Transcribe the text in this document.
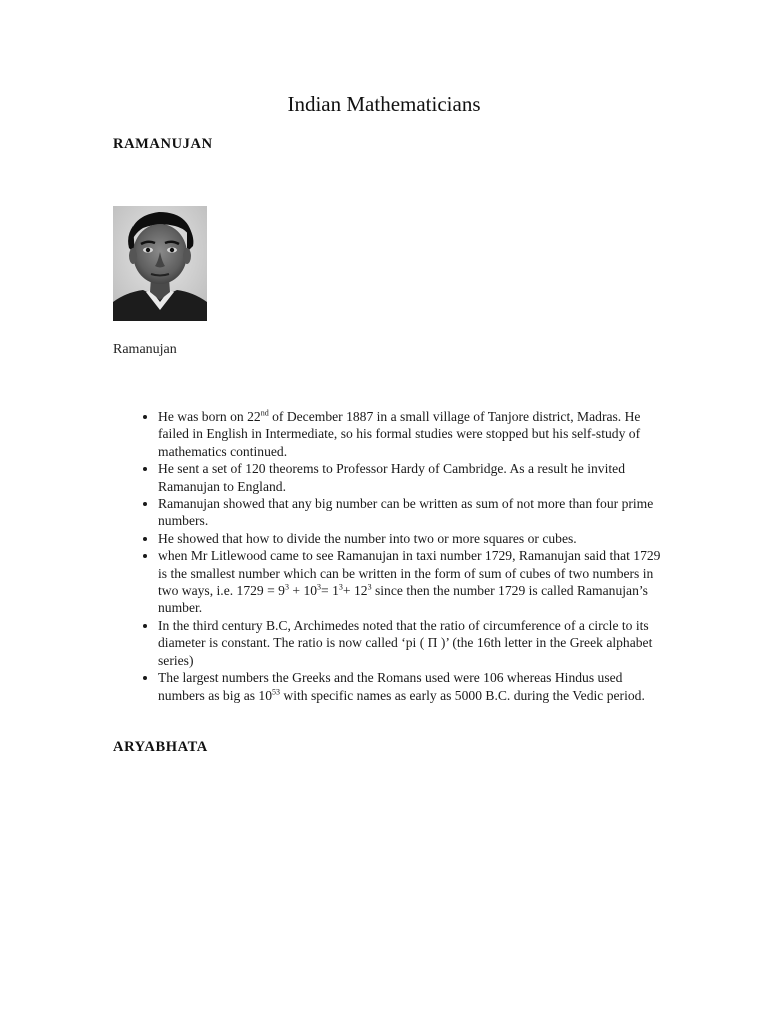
Indian Mathematicians
RAMANUJAN
Ramanujan
• He was born on 22nd of December 1887 in a small village of Tanjore district, Madras. He failed in English in Intermediate, so his formal studies were stopped but his self-study of mathematics continued.
• He sent a set of 120 theorems to Professor Hardy of Cambridge. As a result he invited Ramanujan to England.
• Ramanujan showed that any big number can be written as sum of not more than four prime numbers.
• He showed that how to divide the number into two or more squares or cubes.
• when Mr Litlewood came to see Ramanujan in taxi number 1729, Ramanujan said that 1729 is the smallest number which can be written in the form of sum of cubes of two numbers in two ways, i.e. $1729 = 9^3 + 10^3= 1^3+ 12^3$ since then the number 1729 is called Ramanujan’s number.
• In the third century B.C, Archimedes noted that the ratio of circumference of a circle to its diameter is constant. The ratio is now called ‘pi ( Π )’ (the 16th letter in the Greek alphabet series)
• The largest numbers the Greeks and the Romans used were 106 whereas Hindus used numbers as big as $10^{53}$ with specific names as early as 5000 B.C. during the Vedic period.
ARYABHATA
